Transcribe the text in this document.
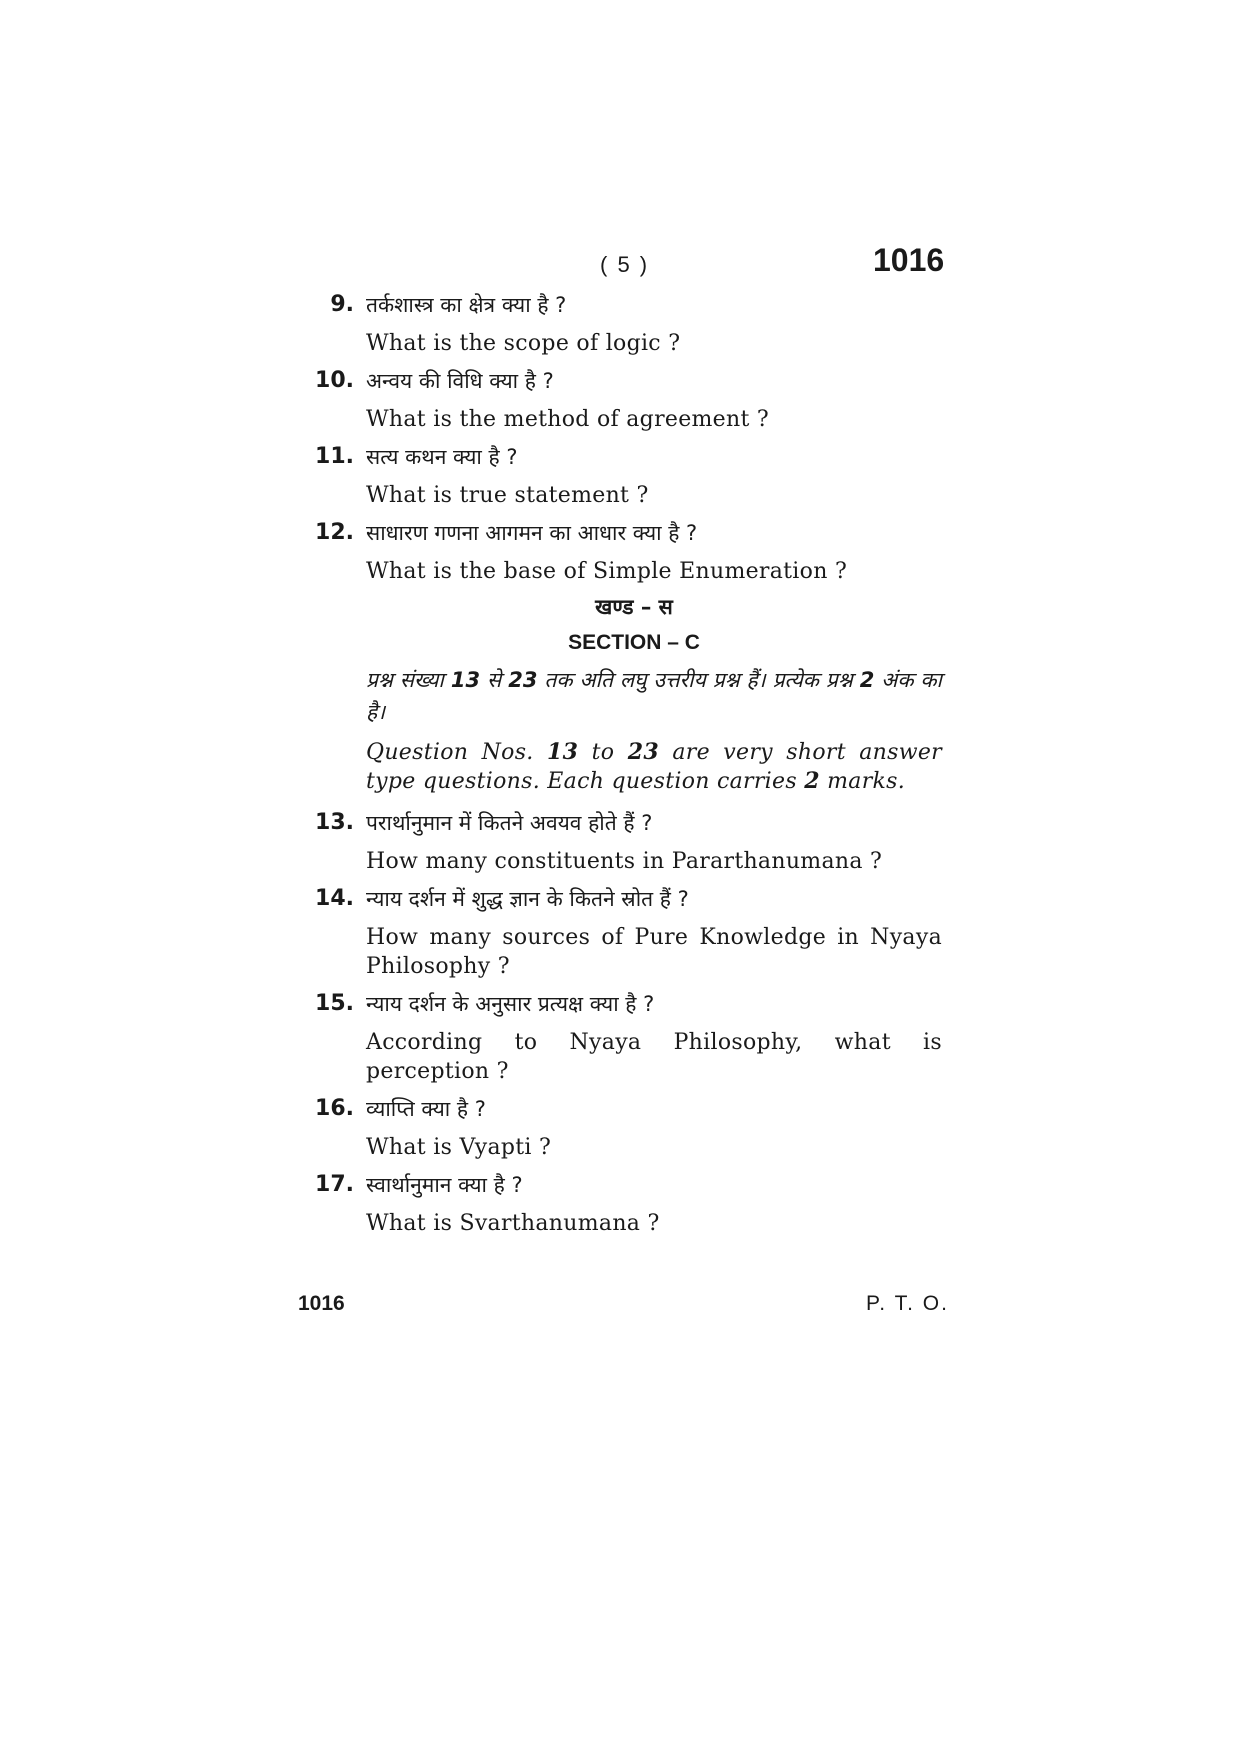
( 5 )	1016
9. तर्कशास्त्र का क्षेत्र क्या है ?
What is the scope of logic ?
10. अन्वय की विधि क्या है ?
What is the method of agreement ?
11. सत्य कथन क्या है ?
What is true statement ?
12. साधारण गणना आगमन का आधार क्या है ?
What is the base of Simple Enumeration ?
खण्ड – स
SECTION – C
प्रश्न संख्या 13 से 23 तक अति लघु उत्तरीय प्रश्न हैं। प्रत्येक प्रश्न 2 अंक का है।
Question Nos. 13 to 23 are very short answer type questions. Each question carries 2 marks.
13. परार्थानुमान में कितने अवयव होते हैं ?
How many constituents in Pararthanumana ?
14. न्याय दर्शन में शुद्ध ज्ञान के कितने स्रोत हैं ?
How many sources of Pure Knowledge in Nyaya Philosophy ?
15. न्याय दर्शन के अनुसार प्रत्यक्ष क्या है ?
According to Nyaya Philosophy, what is perception ?
16. व्याप्ति क्या है ?
What is Vyapti ?
17. स्वार्थानुमान क्या है ?
What is Svarthanumana ?
1016	P. T. O.
